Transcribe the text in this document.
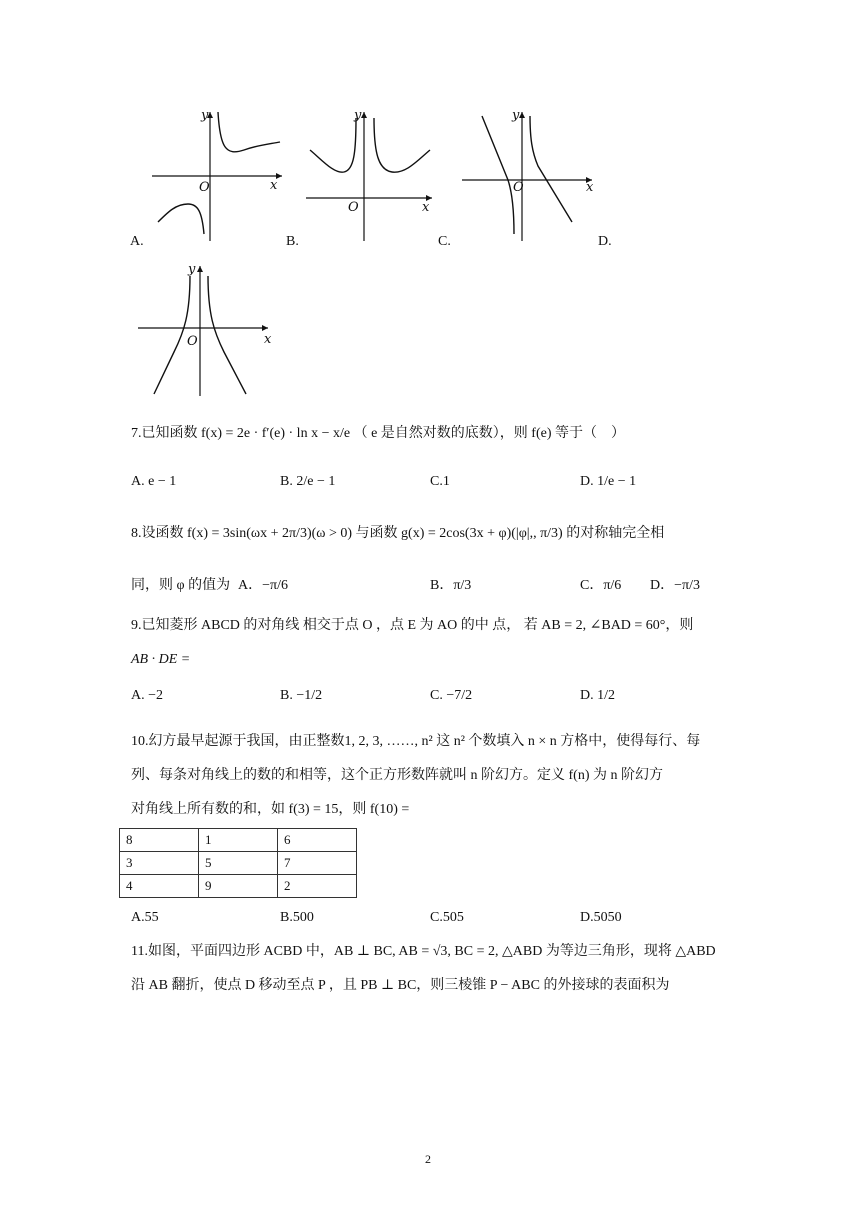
y
x
O
A.
y
x
O
B.
y
x
O
C.	D.
y
x
O
7.已知函数 f(x) = 2e · f′(e) · ln x − x/e （ e 是自然对数的底数），则 f(e) 等于（　）
A. e − 1	B. 2/e − 1	C.1	D. 1/e − 1
8.设函数 f(x) = 3sin(ωx + 2π/3)(ω > 0) 与函数 g(x) = 2cos(3x + φ)(|φ|,, π/3) 的对称轴完全相
同，则 φ 的值为 A．−π/6	B．π/3	C．π/6 D．−π/3
9.已知菱形 ABCD 的对角线 相交于点 O ，点 E 为 AO 的中 点， 若 AB = 2, ∠BAD = 60°，则
AB · DE =
A. −2	B. −1/2	C. −7/2	D. 1/2
10.幻方最早起源于我国，由正整数1, 2, 3, ……, n² 这 n² 个数填入 n × n 方格中，使得每行、每
列、每条对角线上的数的和相等，这个正方形数阵就叫 n 阶幻方。定义 f(n) 为 n 阶幻方
对角线上所有数的和，如 f(3) = 15，则 f(10) =
8	1	6
3	5	7
4	9	2
A.55	B.500	C.505	D.5050
11.如图，平面四边形 ACBD 中，AB ⊥ BC, AB = √3, BC = 2, △ABD 为等边三角形，现将 △ABD
沿 AB 翻折，使点 D 移动至点 P ，且 PB ⊥ BC，则三棱锥 P − ABC 的外接球的表面积为
2
